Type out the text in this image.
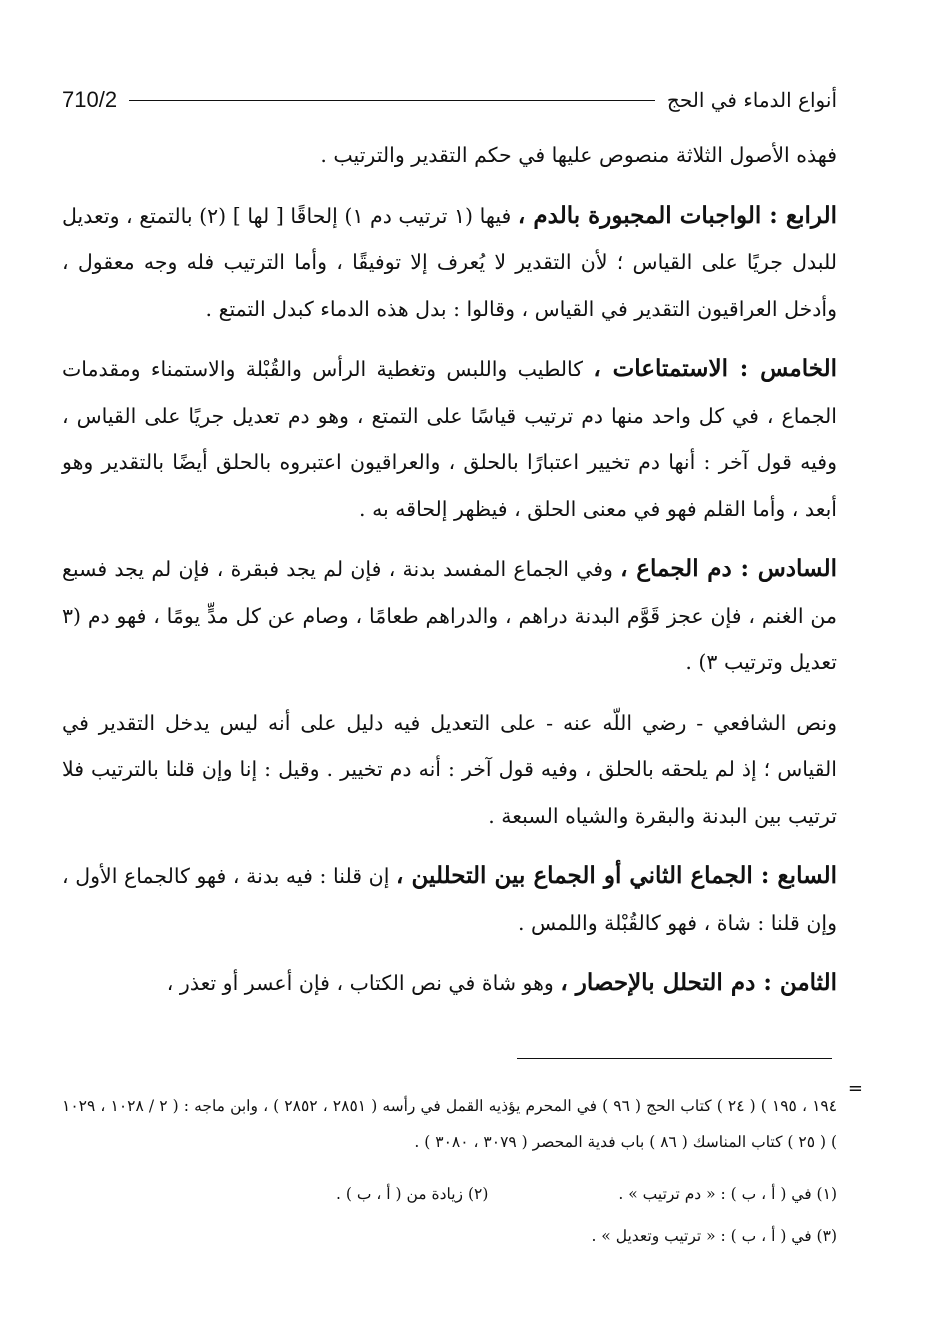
710/2	أنواع الدماء في الحج

فهذه الأصول الثلاثة منصوص عليها في حكم التقدير والترتيب .

الرابع : الواجبات المجبورة بالدم ، فيها (١ ترتيب دم ١) إلحاقًا [ لها ] (٢) بالتمتع ، وتعديل للبدل جريًا على القياس ؛ لأن التقدير لا يُعرف إلا توفيقًا ، وأما الترتيب فله وجه معقول ، وأدخل العراقيون التقدير في القياس ، وقالوا : بدل هذه الدماء كبدل التمتع .

الخامس : الاستمتاعات ، كالطيب واللبس وتغطية الرأس والقُبْلة والاستمناء ومقدمات الجماع ، في كل واحد منها دم ترتيب قياسًا على التمتع ، وهو دم تعديل جريًا على القياس ، وفيه قول آخر : أنها دم تخيير اعتبارًا بالحلق ، والعراقيون اعتبروه بالحلق أيضًا بالتقدير وهو أبعد ، وأما القلم فهو في معنى الحلق ، فيظهر إلحاقه به .

السادس : دم الجماع ، وفي الجماع المفسد بدنة ، فإن لم يجد فبقرة ، فإن لم يجد فسبع من الغنم ، فإن عجز قَوَّم البدنة دراهم ، والدراهم طعامًا ، وصام عن كل مدٍّ يومًا ، فهو دم (٣ تعديل وترتيب ٣) .

ونص الشافعي - رضي اللّه عنه - على التعديل فيه دليل على أنه ليس يدخل التقدير في القياس ؛ إذ لم يلحقه بالحلق ، وفيه قول آخر : أنه دم تخيير . وقيل : إنا وإن قلنا بالترتيب فلا ترتيب بين البدنة والبقرة والشياه السبعة .

السابع : الجماع الثاني أو الجماع بين التحللين ، إن قلنا : فيه بدنة ، فهو كالجماع الأول ، وإن قلنا : شاة ، فهو كالقُبْلة واللمس .

الثامن : دم التحلل بالإحصار ، وهو شاة في نص الكتاب ، فإن أعسر أو تعذر ،

=
١٩٤ ، ١٩٥ ) ( ٢٤ ) كتاب الحج ( ٩٦ ) في المحرم يؤذيه القمل في رأسه ( ٢٨٥١ ، ٢٨٥٢ ) ، وابن ماجه : ( ٢ / ١٠٢٨ ، ١٠٢٩ ) ( ٢٥ ) كتاب المناسك ( ٨٦ ) باب فدية المحصر ( ٣٠٧٩ ، ٣٠٨٠ ) .
(١) في ( أ ، ب ) : « دم ترتيب » .
(٢) زيادة من ( أ ، ب ) .
(٣) في ( أ ، ب ) : « ترتيب وتعديل » .
